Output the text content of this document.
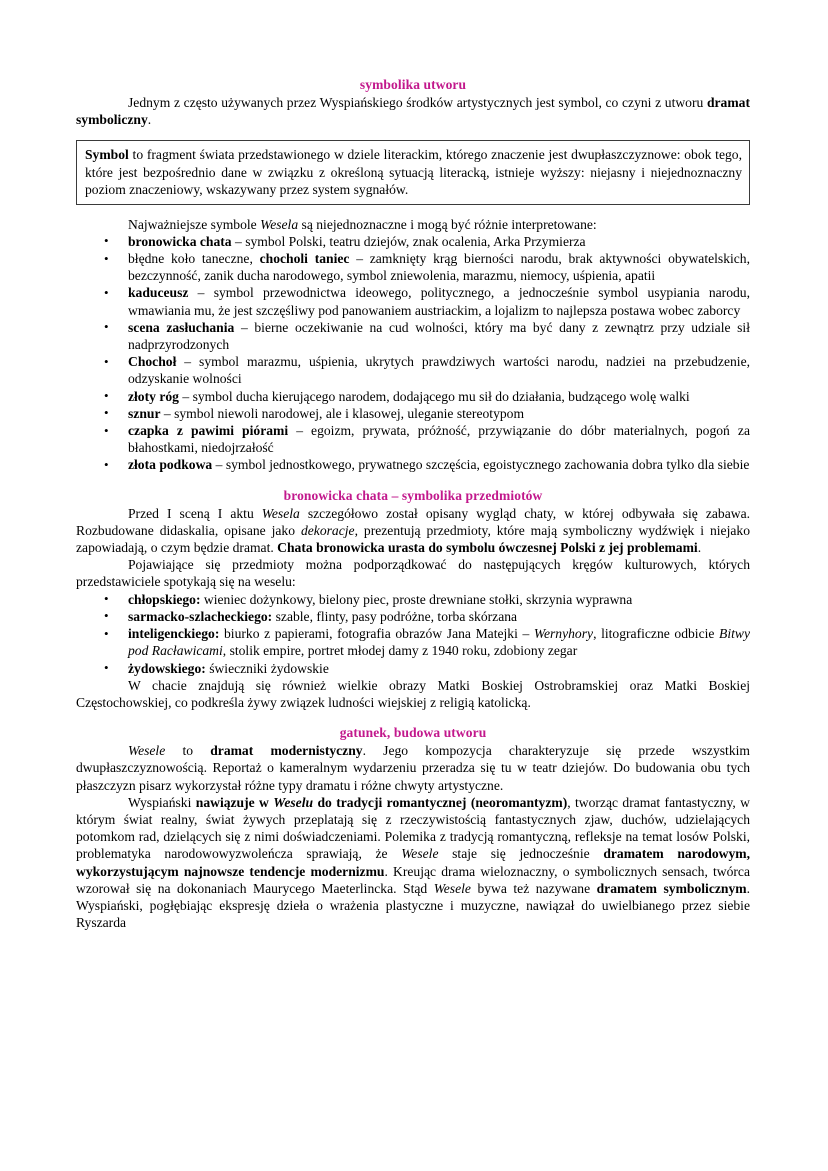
symbolika utworu

Jednym z często używanych przez Wyspiańskiego środków artystycznych jest symbol, co czyni z utworu dramat symboliczny.

Symbol to fragment świata przedstawionego w dziele literackim, którego znaczenie jest dwupłaszczyznowe: obok tego, które jest bezpośrednio dane w związku z określoną sytuacją literacką, istnieje wyższy: niejasny i niejednoznaczny poziom znaczeniowy, wskazywany przez system sygnałów.

Najważniejsze symbole Wesela są niejednoznaczne i mogą być różnie interpretowane:

• bronowicka chata – symbol Polski, teatru dziejów, znak ocalenia, Arka Przymierza
• błędne koło taneczne, chocholi taniec – zamknięty krąg bierności narodu, brak aktywności obywatelskich, bezczynność, zanik ducha narodowego, symbol zniewolenia, marazmu, niemocy, uśpienia, apatii
• kaduceusz – symbol przewodnictwa ideowego, politycznego, a jednocześnie symbol usypiania narodu, wmawiania mu, że jest szczęśliwy pod panowaniem austriackim, a lojalizm to najlepsza postawa wobec zaborcy
• scena zasłuchania – bierne oczekiwanie na cud wolności, który ma być dany z zewnątrz przy udziale sił nadprzyrodzonych
• Chochoł – symbol marazmu, uśpienia, ukrytych prawdziwych wartości narodu, nadziei na przebudzenie, odzyskanie wolności
• złoty róg – symbol ducha kierującego narodem, dodającego mu sił do działania, budzącego wolę walki
• sznur – symbol niewoli narodowej, ale i klasowej, uleganie stereotypom
• czapka z pawimi piórami – egoizm, prywata, próżność, przywiązanie do dóbr materialnych, pogoń za błahostkami, niedojrzałość
• złota podkowa – symbol jednostkowego, prywatnego szczęścia, egoistycznego zachowania dobra tylko dla siebie
bronowicka chata – symbolika przedmiotów

Przed I sceną I aktu Wesela szczegółowo został opisany wygląd chaty, w której odbywała się zabawa. Rozbudowane didaskalia, opisane jako dekoracje, prezentują przedmioty, które mają symboliczny wydźwięk i niejako zapowiadają, o czym będzie dramat. Chata bronowicka urasta do symbolu ówczesnej Polski z jej problemami.

Pojawiające się przedmioty można podporządkować do następujących kręgów kulturowych, których przedstawiciele spotykają się na weselu:

• chłopskiego: wieniec dożynkowy, bielony piec, proste drewniane stołki, skrzynia wyprawna
• sarmacko-szlacheckiego: szable, flinty, pasy podróżne, torba skórzana
• inteligenckiego: biurko z papierami, fotografia obrazów Jana Matejki – Wernyhory, litograficzne odbicie Bitwy pod Racławicami, stolik empire, portret młodej damy z 1940 roku, zdobiony zegar
• żydowskiego: świeczniki żydowskie

W chacie znajdują się również wielkie obrazy Matki Boskiej Ostrobramskiej oraz Matki Boskiej Częstochowskiej, co podkreśla żywy związek ludności wiejskiej z religią katolicką.

gatunek, budowa utworu

Wesele to dramat modernistyczny. Jego kompozycja charakteryzuje się przede wszystkim dwupłaszczyznowością. Reportaż o kameralnym wydarzeniu przeradza się tu w teatr dziejów. Do budowania obu tych płaszczyzn pisarz wykorzystał różne typy dramatu i różne chwyty artystyczne.

Wyspiański nawiązuje w Weselu do tradycji romantycznej (neoromantyzm), tworząc dramat fantastyczny, w którym świat realny, świat żywych przeplatają się z rzeczywistością fantastycznych zjaw, duchów, udzielających potomkom rad, dzielących się z nimi doświadczeniami. Polemika z tradycją romantyczną, refleksje na temat losów Polski, problematyka narodowowyzwoleńcza sprawiają, że Wesele staje się jednocześnie dramatem narodowym, wykorzystującym najnowsze tendencje modernizmu. Kreując drama wieloznaczny, o symbolicznych sensach, twórca wzorował się na dokonaniach Maurycego Maeterlincka. Stąd Wesele bywa też nazywane dramatem symbolicznym. Wyspiański, pogłębiając ekspresję dzieła o wrażenia plastyczne i muzyczne, nawiązał do uwielbianego przez siebie Ryszarda
